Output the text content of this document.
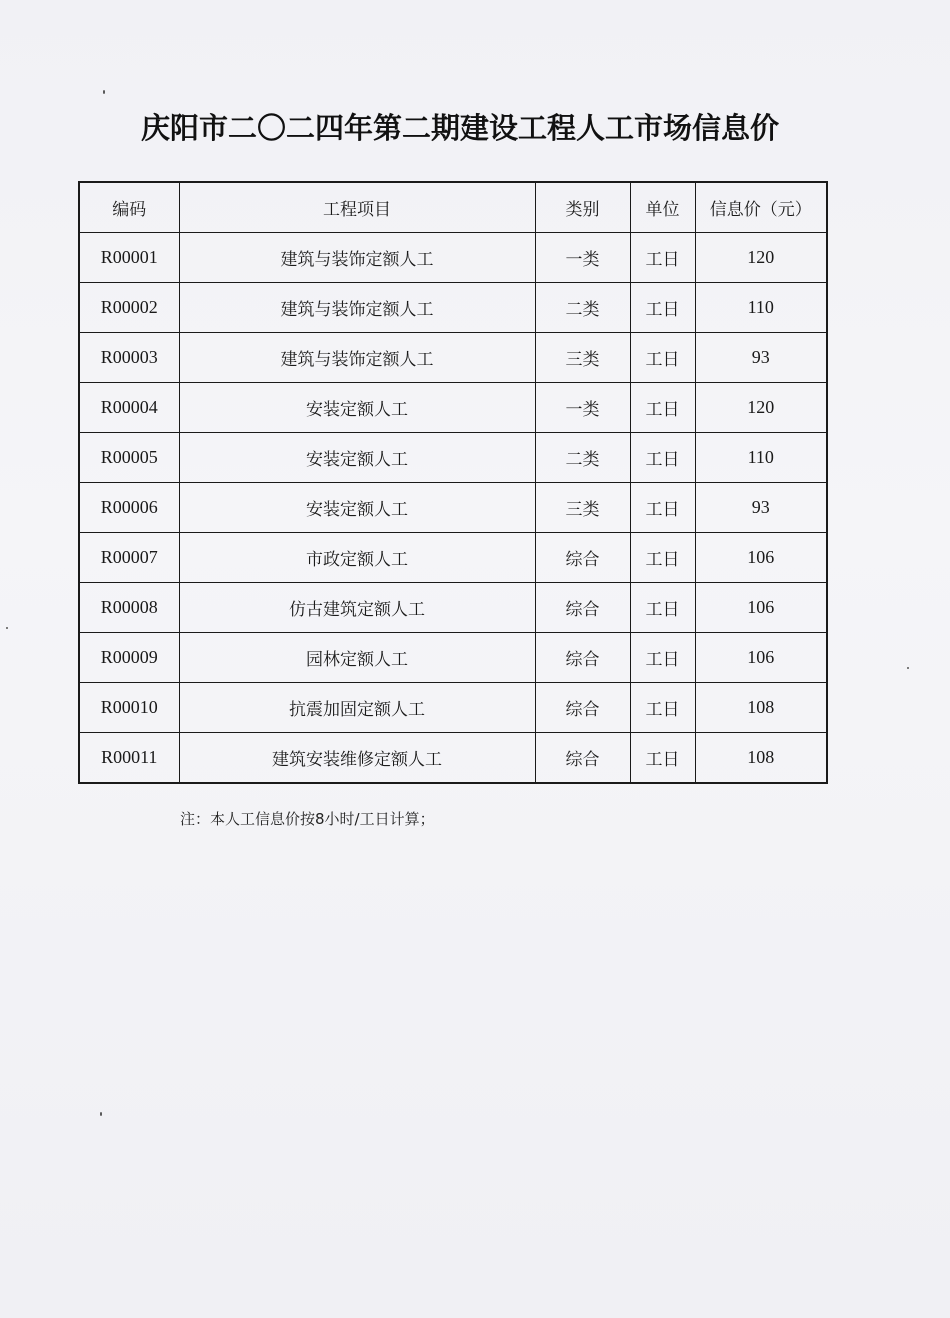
庆阳市二〇二四年第二期建设工程人工市场信息价
编码	工程项目	类别	单位	信息价（元）
R00001	建筑与装饰定额人工	一类	工日	120
R00002	建筑与装饰定额人工	二类	工日	110
R00003	建筑与装饰定额人工	三类	工日	93
R00004	安装定额人工	一类	工日	120
R00005	安装定额人工	二类	工日	110
R00006	安装定额人工	三类	工日	93
R00007	市政定额人工	综合	工日	106
R00008	仿古建筑定额人工	综合	工日	106
R00009	园林定额人工	综合	工日	106
R00010	抗震加固定额人工	综合	工日	108
R00011	建筑安装维修定额人工	综合	工日	108
注：本人工信息价按8小时/工日计算；
